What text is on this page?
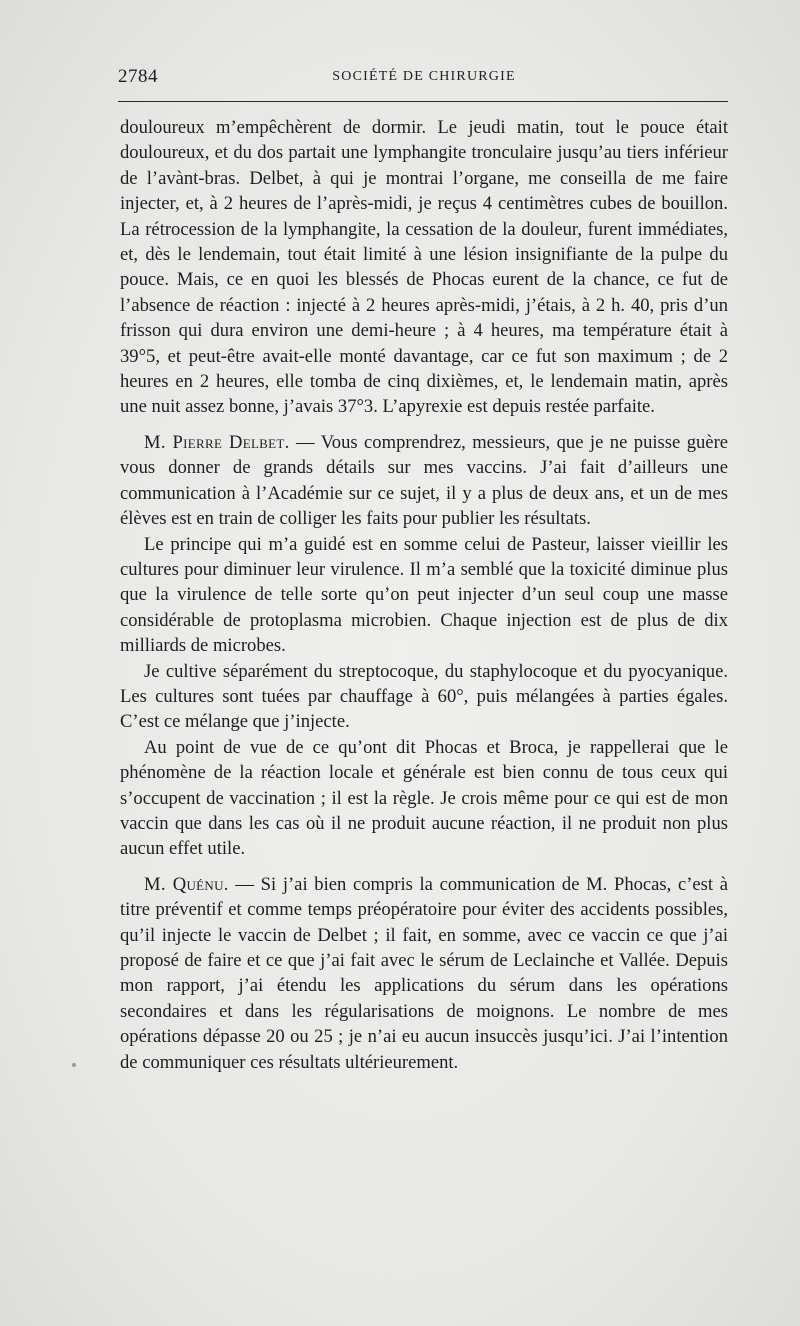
2784	SOCIÉTÉ DE CHIRURGIE

douloureux m’empêchèrent de dormir. Le jeudi matin, tout le pouce était douloureux, et du dos partait une lymphangite tronculaire jusqu’au tiers inférieur de l’avànt-bras. Delbet, à qui je montrai l’organe, me conseilla de me faire injecter, et, à 2 heures de l’après-midi, je reçus 4 centimètres cubes de bouillon. La rétrocession de la lymphangite, la cessation de la douleur, furent immédiates, et, dès le lendemain, tout était limité à une lésion insignifiante de la pulpe du pouce. Mais, ce en quoi les blessés de Phocas eurent de la chance, ce fut de l’absence de réaction : injecté à 2 heures après-midi, j’étais, à 2 h. 40, pris d’un frisson qui dura environ une demi-heure ; à 4 heures, ma température était à 39°5, et peut-être avait-elle monté davantage, car ce fut son maximum ; de 2 heures en 2 heures, elle tomba de cinq dixièmes, et, le lendemain matin, après une nuit assez bonne, j’avais 37°3. L’apyrexie est depuis restée parfaite.

M. Pierre Delbet. — Vous comprendrez, messieurs, que je ne puisse guère vous donner de grands détails sur mes vaccins. J’ai fait d’ailleurs une communication à l’Académie sur ce sujet, il y a plus de deux ans, et un de mes élèves est en train de colliger les faits pour publier les résultats.

Le principe qui m’a guidé est en somme celui de Pasteur, laisser vieillir les cultures pour diminuer leur virulence. Il m’a semblé que la toxicité diminue plus que la virulence de telle sorte qu’on peut injecter d’un seul coup une masse considérable de protoplasma microbien. Chaque injection est de plus de dix milliards de microbes.

Je cultive séparément du streptocoque, du staphylocoque et du pyocyanique. Les cultures sont tuées par chauffage à 60°, puis mélangées à parties égales. C’est ce mélange que j’injecte.

Au point de vue de ce qu’ont dit Phocas et Broca, je rappellerai que le phénomène de la réaction locale et générale est bien connu de tous ceux qui s’occupent de vaccination ; il est la règle. Je crois même pour ce qui est de mon vaccin que dans les cas où il ne produit aucune réaction, il ne produit non plus aucun effet utile.

M. Quénu. — Si j’ai bien compris la communication de M. Phocas, c’est à titre préventif et comme temps préopératoire pour éviter des accidents possibles, qu’il injecte le vaccin de Delbet ; il fait, en somme, avec ce vaccin ce que j’ai proposé de faire et ce que j’ai fait avec le sérum de Leclainche et Vallée. Depuis mon rapport, j’ai étendu les applications du sérum dans les opérations secondaires et dans les régularisations de moignons. Le nombre de mes opérations dépasse 20 ou 25 ; je n’ai eu aucun insuccès jusqu’ici. J’ai l’intention de communiquer ces résultats ultérieurement.
